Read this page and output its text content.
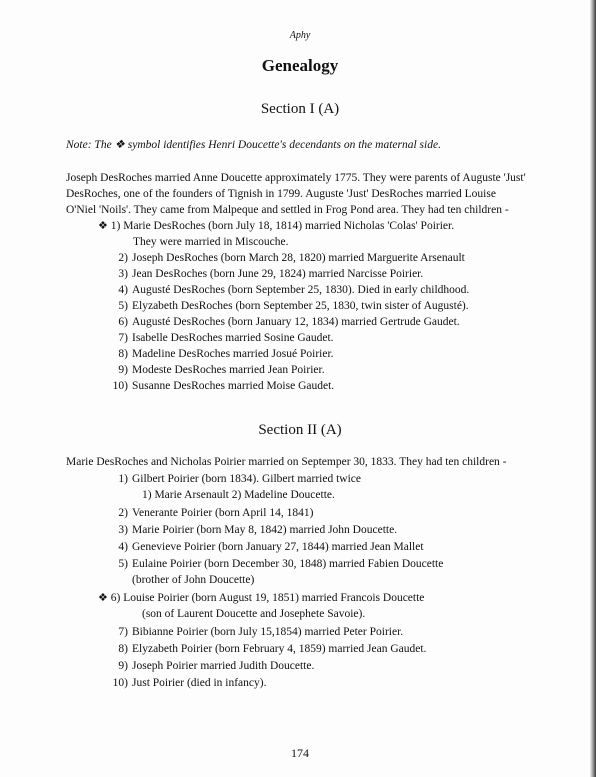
Aphy
Genealogy
Section I (A)
Note: The ❖ symbol identifies Henri Doucette's decendants on the maternal side.
Joseph DesRoches married Anne Doucette approximately 1775. They were parents of Auguste 'Just'
DesRoches, one of the founders of Tignish in 1799. Auguste 'Just' DesRoches married Louise
O'Niel 'Noils'. They came from Malpeque and settled in Frog Pond area. They had ten children -
❖ 1) Marie DesRoches (born July 18, 1814) married Nicholas 'Colas' Poirier.
They were married in Miscouche.
2) Joseph DesRoches (born March 28, 1820) married Marguerite Arsenault
3) Jean DesRoches (born June 29, 1824) married Narcisse Poirier.
4) Augusté DesRoches (born September 25, 1830). Died in early childhood.
5) Elyzabeth DesRoches (born September 25, 1830, twin sister of Augusté).
6) Augusté DesRoches (born January 12, 1834) married Gertrude Gaudet.
7) Isabelle DesRoches married Sosine Gaudet.
8) Madeline DesRoches married Josué Poirier.
9) Modeste DesRoches married Jean Poirier.
10) Susanne DesRoches married Moise Gaudet.
Section II (A)
Marie DesRoches and Nicholas Poirier married on Septemper 30, 1833. They had ten children -
1) Gilbert Poirier (born 1834). Gilbert married twice
1) Marie Arsenault 2) Madeline Doucette.
2) Venerante Poirier (born April 14, 1841)
3) Marie Poirier (born May 8, 1842) married John Doucette.
4) Genevieve Poirier (born January 27, 1844) married Jean Mallet
5) Eulaine Poirier (born December 30, 1848) married Fabien Doucette
(brother of John Doucette)
❖ 6) Louise Poirier (born August 19, 1851) married Francois Doucette
(son of Laurent Doucette and Josephete Savoie).
7) Bibianne Poirier (born July 15,1854) married Peter Poirier.
8) Elyzabeth Poirier (born February 4, 1859) married Jean Gaudet.
9) Joseph Poirier married Judith Doucette.
10) Just Poirier (died in infancy).
174
